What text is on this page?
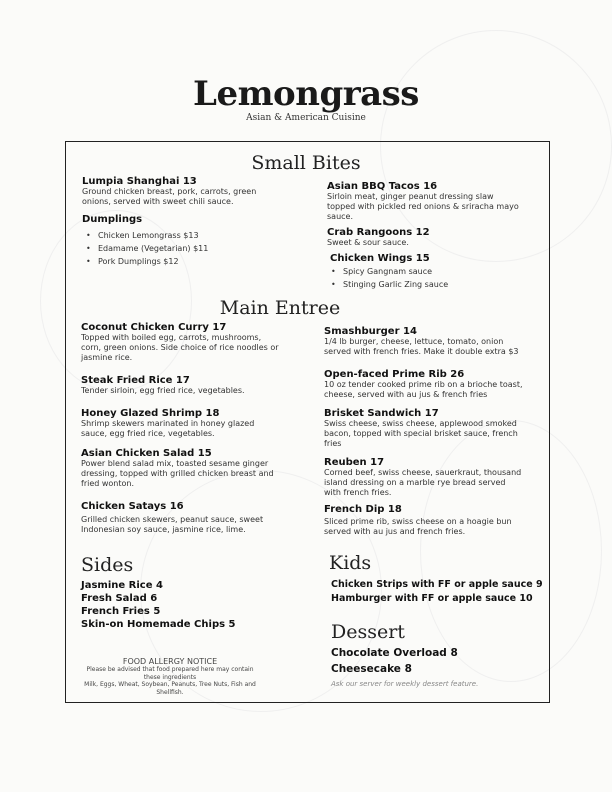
Lemongrass
Asian & American Cuisine
Small Bites
Lumpia Shanghai 13
Ground chicken breast, pork, carrots, green
onions, served with sweet chili sauce.
Dumplings
• Chicken Lemongrass $13
• Edamame (Vegetarian) $11
• Pork Dumplings $12
Asian BBQ Tacos 16
Sirloin meat, ginger peanut dressing slaw
topped with pickled red onions & sriracha mayo
sauce.
Crab Rangoons 12
Sweet & sour sauce.
Chicken Wings 15
• Spicy Gangnam sauce
• Stinging Garlic Zing sauce
Main Entree
Coconut Chicken Curry 17
Topped with boiled egg, carrots, mushrooms,
corn, green onions. Side choice of rice noodles or
jasmine rice.
Steak Fried Rice 17
Tender sirloin, egg fried rice, vegetables.
Honey Glazed Shrimp 18
Shrimp skewers marinated in honey glazed
sauce, egg fried rice, vegetables.
Asian Chicken Salad 15
Power blend salad mix, toasted sesame ginger
dressing, topped with grilled chicken breast and
fried wonton.
Chicken Satays 16
Grilled chicken skewers, peanut sauce, sweet
Indonesian soy sauce, jasmine rice, lime.
Smashburger 14
1/4 lb burger, cheese, lettuce, tomato, onion
served with french fries. Make it double extra $3
Open-faced Prime Rib 26
10 oz tender cooked prime rib on a brioche toast,
cheese, served with au jus & french fries
Brisket Sandwich 17
Swiss cheese, swiss cheese, applewood smoked
bacon, topped with special brisket sauce, french
fries
Reuben 17
Corned beef, swiss cheese, sauerkraut, thousand
island dressing on a marble rye bread served
with french fries.
French Dip 18
Sliced prime rib, swiss cheese on a hoagie bun
served with au jus and french fries.
Sides
Jasmine Rice 4
Fresh Salad 6
French Fries 5
Skin-on Homemade Chips 5
Kids
Chicken Strips with FF or apple sauce 9
Hamburger with FF or apple sauce 10
Dessert
Chocolate Overload 8
Cheesecake 8
Ask our server for weekly dessert feature.
FOOD ALLERGY NOTICE
Please be advised that food prepared here may contain
these ingredients
Milk, Eggs, Wheat, Soybean, Peanuts, Tree Nuts, Fish and
Shellfish.
